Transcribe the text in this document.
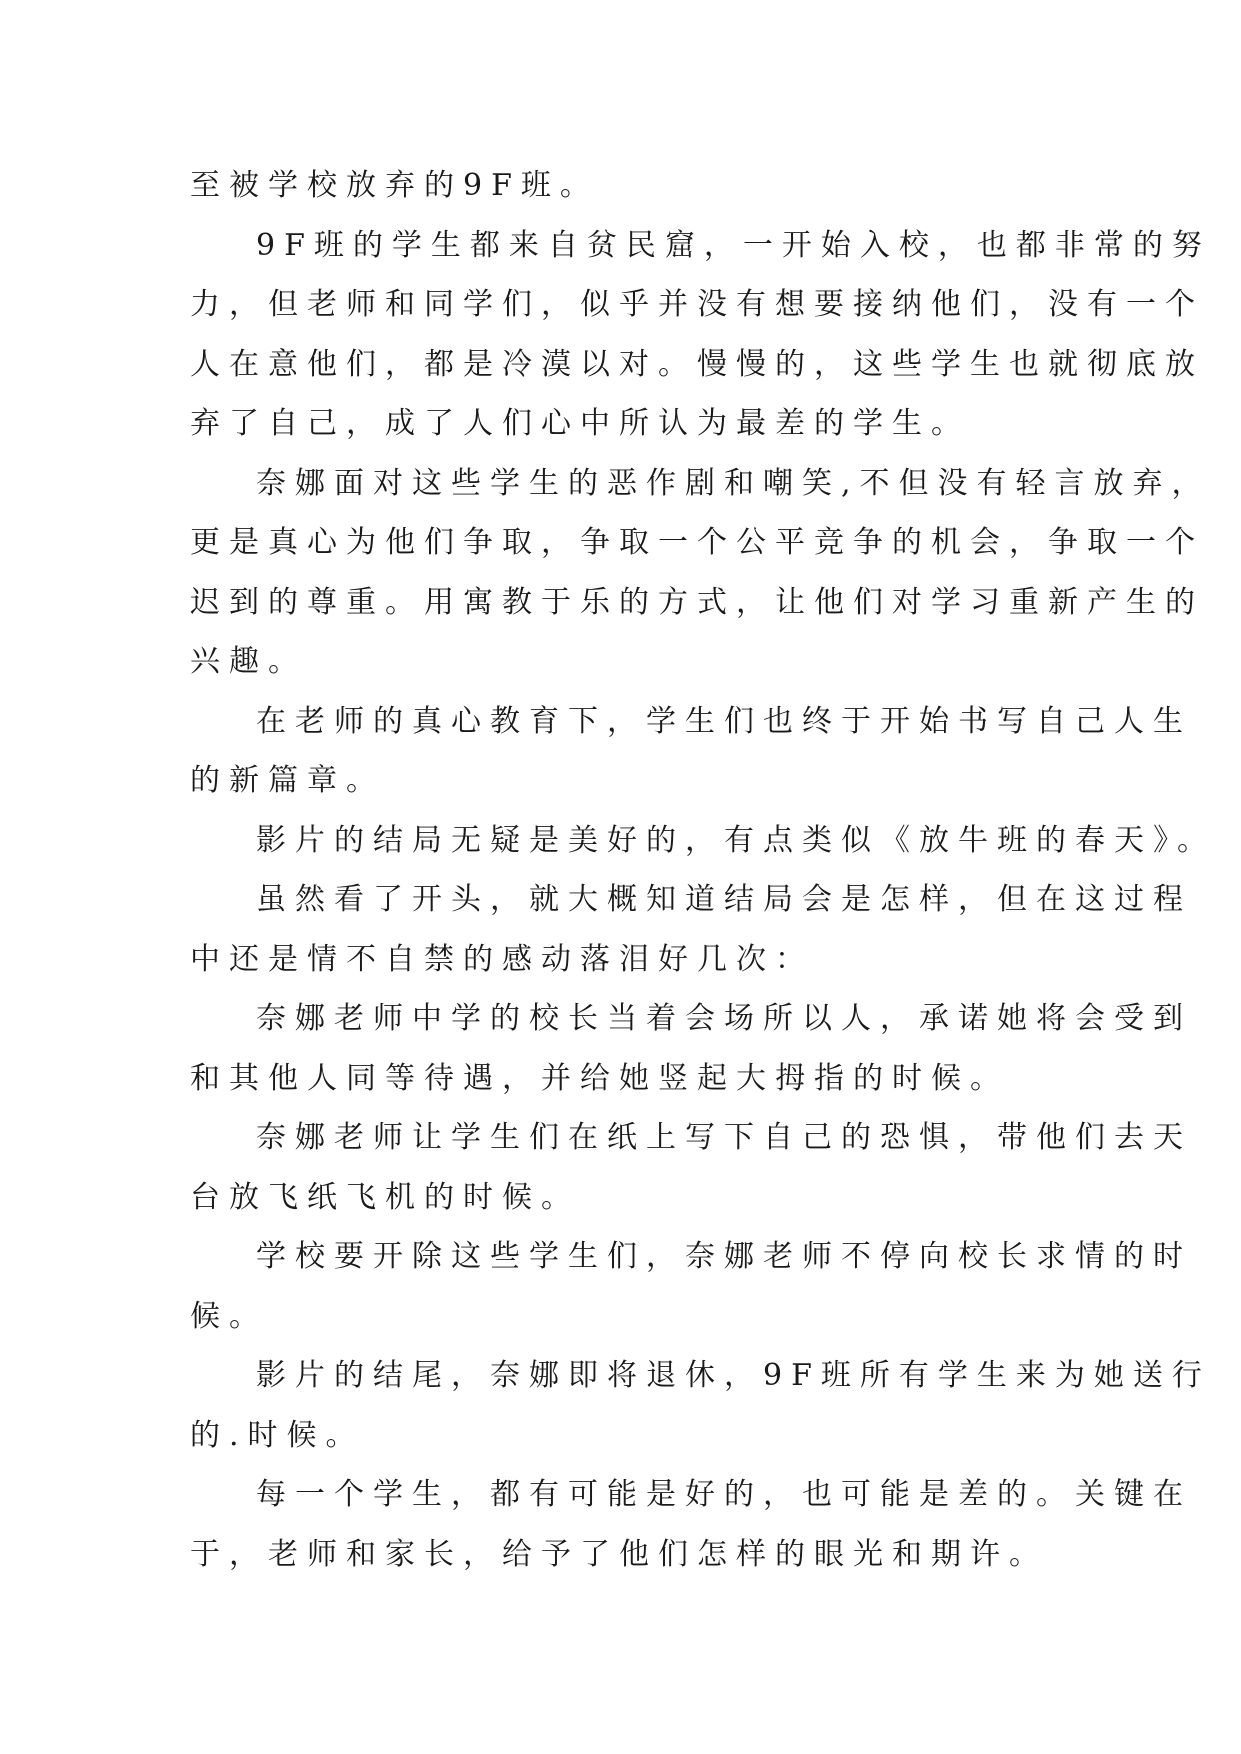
至被学校放弃的9F班。
9F班的学生都来自贫民窟，一开始入校，也都非常的努
力，但老师和同学们，似乎并没有想要接纳他们，没有一个
人在意他们，都是冷漠以对。慢慢的，这些学生也就彻底放
弃了自己，成了人们心中所认为最差的学生。
奈娜面对这些学生的恶作剧和嘲笑,不但没有轻言放弃，
更是真心为他们争取，争取一个公平竞争的机会，争取一个
迟到的尊重。用寓教于乐的方式，让他们对学习重新产生的
兴趣。
在老师的真心教育下，学生们也终于开始书写自己人生
的新篇章。
影片的结局无疑是美好的，有点类似《放牛班的春天》。
虽然看了开头，就大概知道结局会是怎样，但在这过程
中还是情不自禁的感动落泪好几次：
奈娜老师中学的校长当着会场所以人，承诺她将会受到
和其他人同等待遇，并给她竖起大拇指的时候。
奈娜老师让学生们在纸上写下自己的恐惧，带他们去天
台放飞纸飞机的时候。
学校要开除这些学生们，奈娜老师不停向校长求情的时
候。
影片的结尾，奈娜即将退休，9F班所有学生来为她送行
的.时候。
每一个学生，都有可能是好的，也可能是差的。关键在
于，老师和家长，给予了他们怎样的眼光和期许。
